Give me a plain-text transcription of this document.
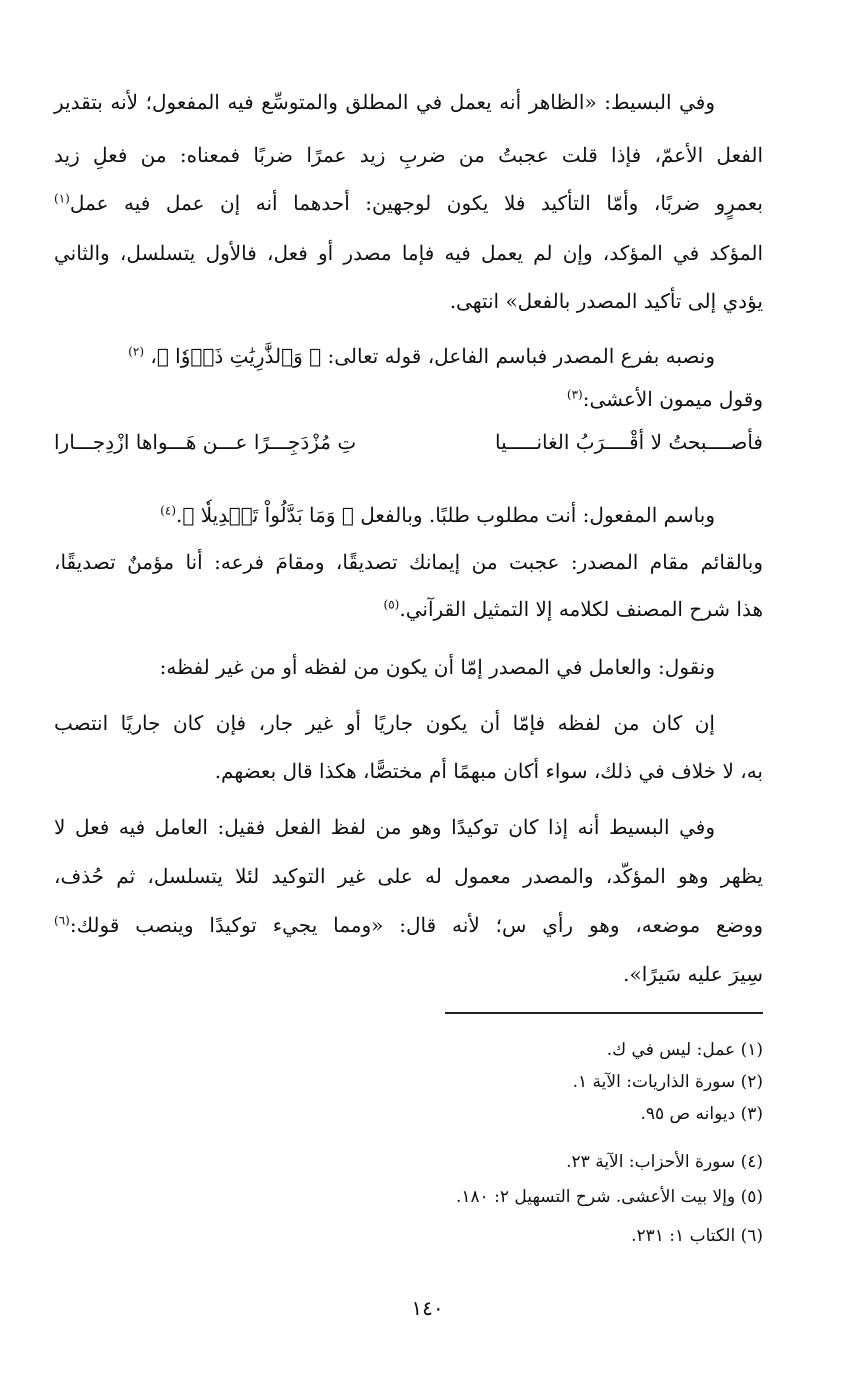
وفي البسيط: «الظاهر أنه يعمل في المطلق والمتوسِّع فيه المفعول؛ لأنه بتقدير
الفعل الأعمّ، فإذا قلت عجبتُ من ضربِ زيد عمرًا ضربًا فمعناه: من فعلِ زيد
بعمرٍو ضربًا، وأمّا التأكيد فلا يكون لوجهين: أحدهما أنه إن عمل فيه عمل$^{(١)}$
المؤكد في المؤكد، وإن لم يعمل فيه فإما مصدر أو فعل، فالأول يتسلسل، والثاني
يؤدي إلى تأكيد المصدر بالفعل» انتهى.
ونصبه بفرع المصدر فباسم الفاعل، قوله تعالى: ﴿ وَٱلذَّٰرِيَٰتِ ذَرۡوٗا ﴾، $^{(٢)}$
وقول ميمون الأعشى:$^{(٣)}$
فأصــــبحتُ لا أقْــــرَبُ الغانـــــيا
تِ مُزْدَجِـــرًا عـــن هَـــواها ازْدِجـــارا
وباسم المفعول: أنت مطلوب طلبًا. وبالفعل ﴿ وَمَا بَدَّلُواْ تَبۡدِيلٗا ﴾.$^{(٤)}$
وبالقائم مقام المصدر: عجبت من إيمانك تصديقًا، ومقامَ فرعه: أنا مؤمنٌ تصديقًا،
هذا شرح المصنف لكلامه إلا التمثيل القرآني.$^{(٥)}$
ونقول: والعامل في المصدر إمّا أن يكون من لفظه أو من غير لفظه:
إن كان من لفظه فإمّا أن يكون جاريًا أو غير جار، فإن كان جاريًا انتصب
به، لا خلاف في ذلك، سواء أكان مبهمًا أم مختصًّا، هكذا قال بعضهم.
وفي البسيط أنه إذا كان توكيدًا وهو من لفظ الفعل فقيل: العامل فيه فعل لا
يظهر وهو المؤكّد، والمصدر معمول له على غير التوكيد لئلا يتسلسل، ثم حُذف،
ووضع موضعه، وهو رأي س؛ لأنه قال: «ومما يجيء توكيدًا وينصب قولك:$^{(٦)}$
سِيرَ عليه سَيرًا».
(١) عمل: ليس في ك.
(٢) سورة الذاريات: الآية ١.
(٣) ديوانه ص ٩٥.
(٤) سورة الأحزاب: الآية ٢٣.
(٥) وإلا بيت الأعشى. شرح التسهيل ٢: ١٨٠.
(٦) الكتاب ١: ٢٣١.
١٤٠
